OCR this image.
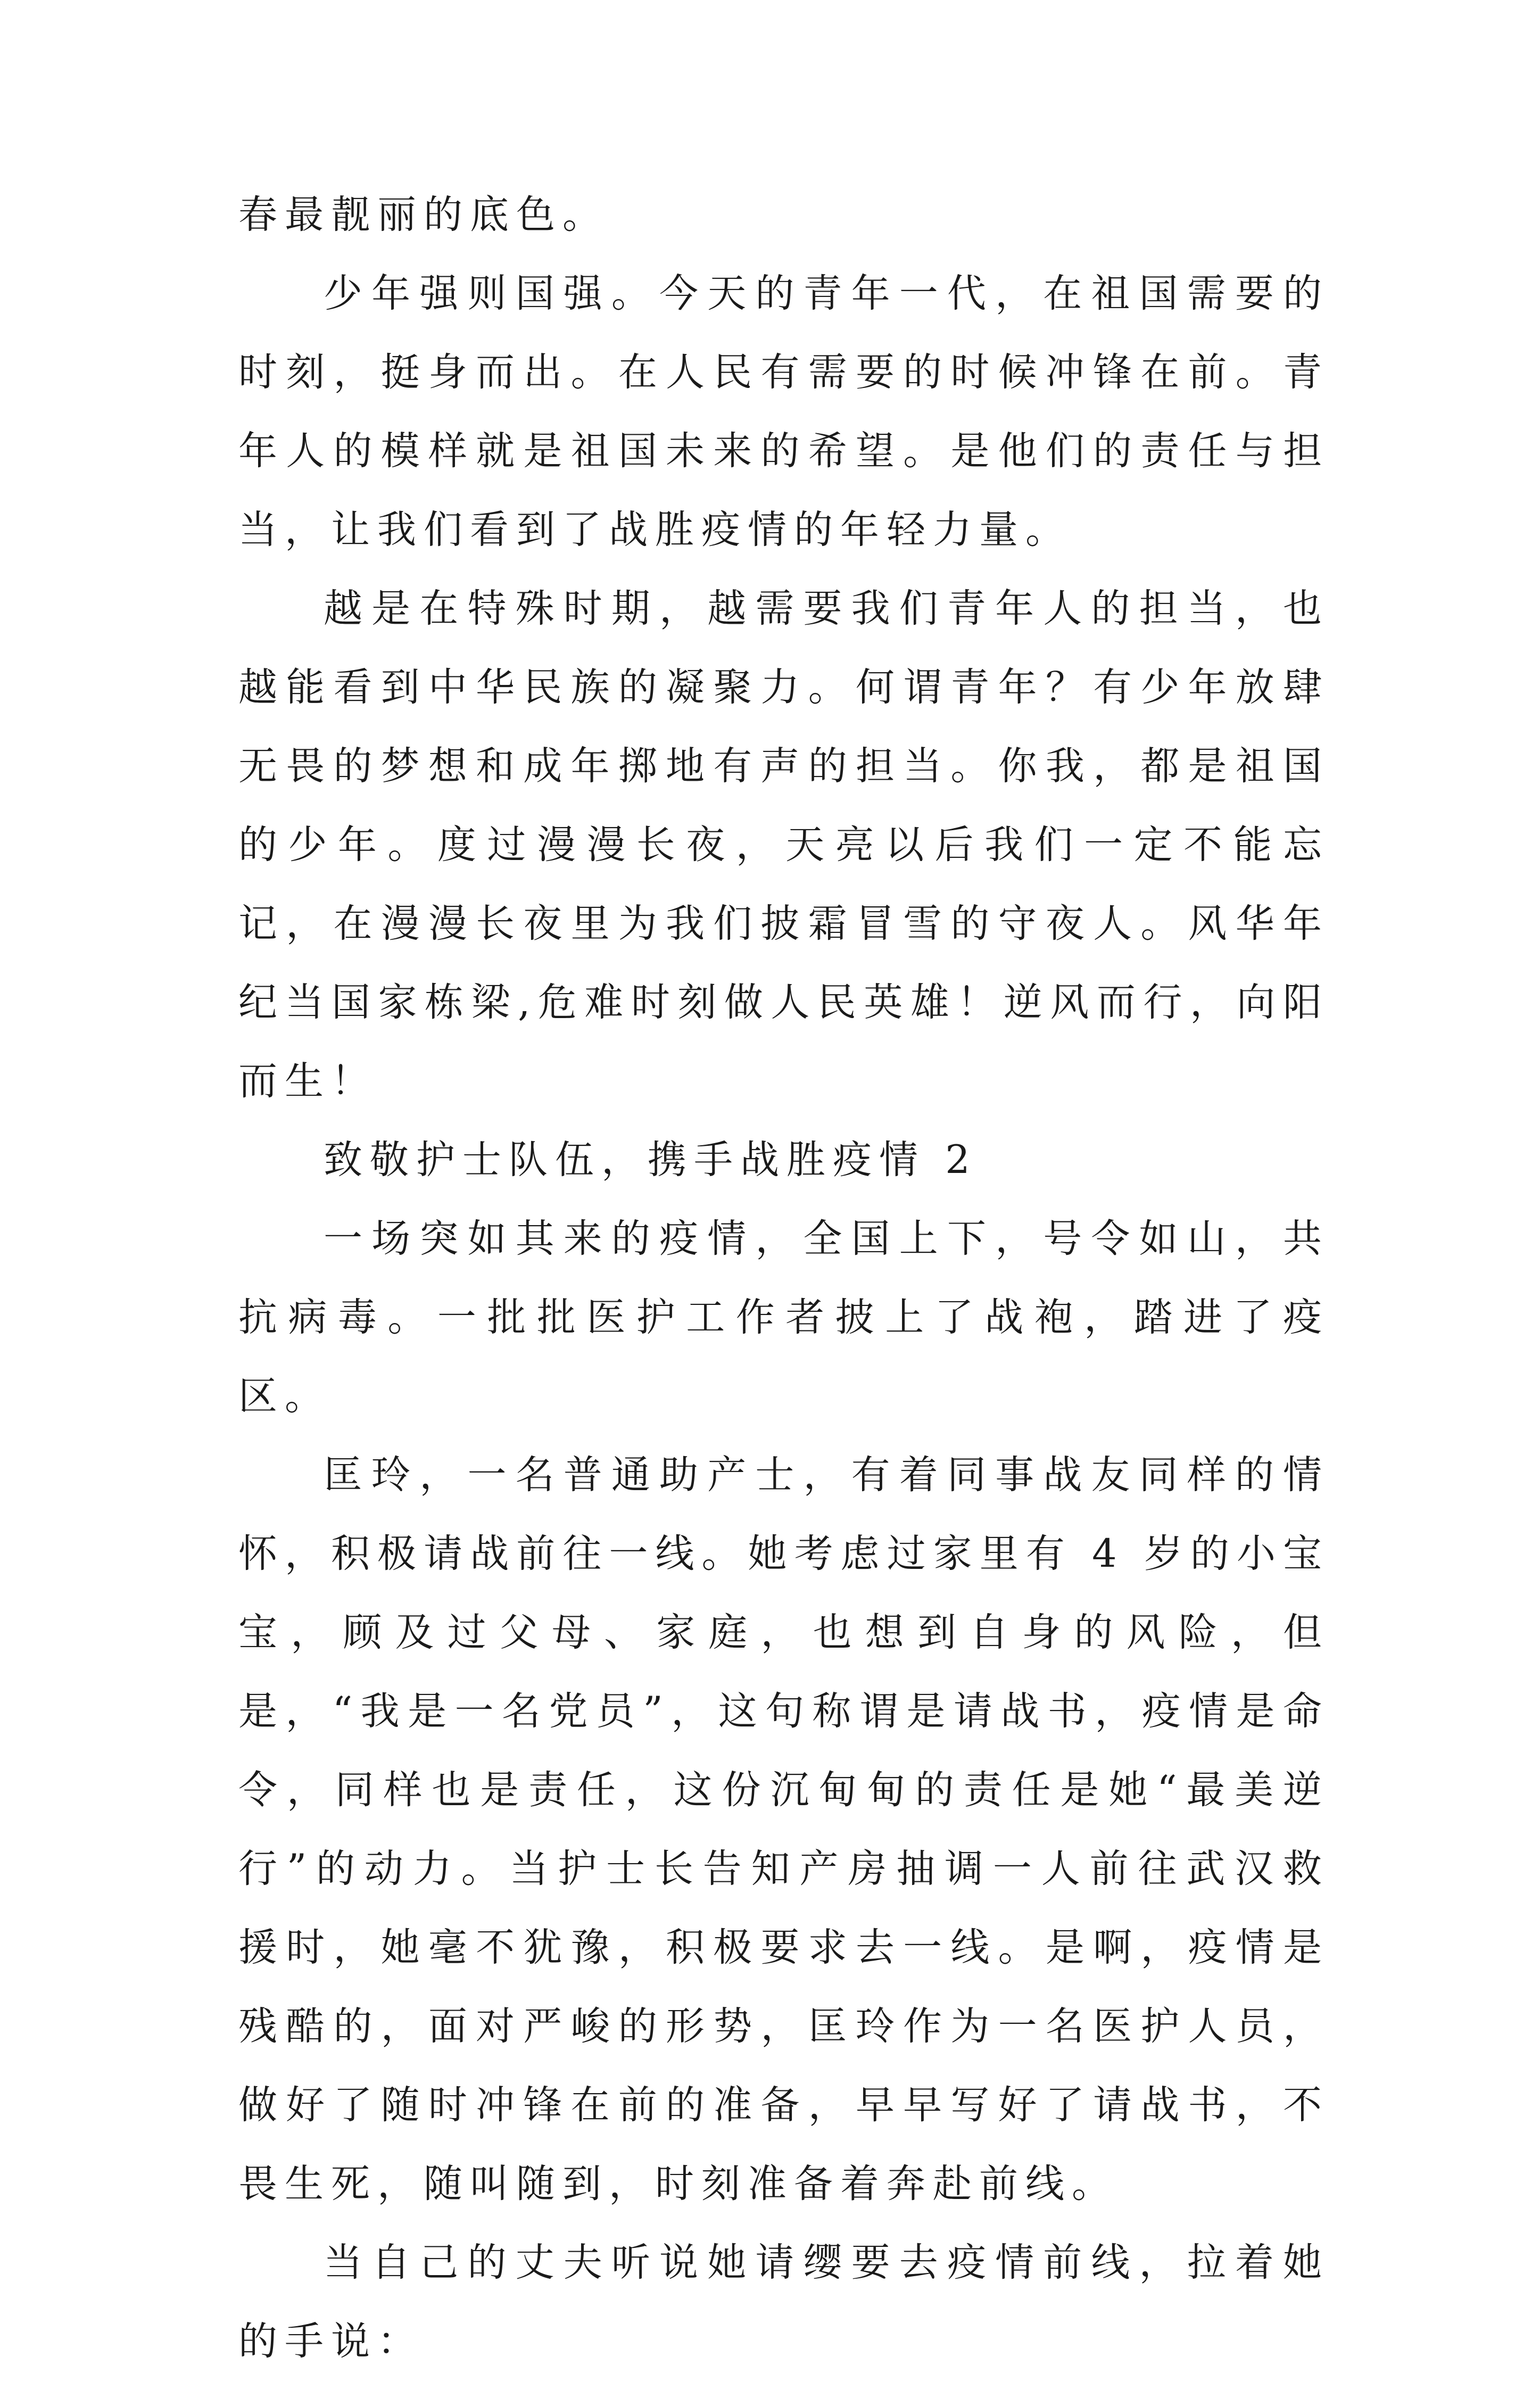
春最靓丽的底色。

少年强则国强。今天的青年一代，在祖国需要的时刻，挺身而出。在人民有需要的时候冲锋在前。青年人的模样就是祖国未来的希望。是他们的责任与担当，让我们看到了战胜疫情的年轻力量。

越是在特殊时期，越需要我们青年人的担当，也越能看到中华民族的凝聚力。何谓青年？有少年放肆无畏的梦想和成年掷地有声的担当。你我，都是祖国的少年。度过漫漫长夜，天亮以后我们一定不能忘记，在漫漫长夜里为我们披霜冒雪的守夜人。风华年纪当国家栋梁,危难时刻做人民英雄！逆风而行，向阳而生！

致敬护士队伍，携手战胜疫情 2

一场突如其来的疫情，全国上下，号令如山，共抗病毒。一批批医护工作者披上了战袍，踏进了疫区。

匡玲，一名普通助产士，有着同事战友同样的情怀，积极请战前往一线。她考虑过家里有 4 岁的小宝宝，顾及过父母、家庭，也想到自身的风险，但是，“我是一名党员”，这句称谓是请战书，疫情是命令，同样也是责任，这份沉甸甸的责任是她“最美逆行”的动力。当护士长告知产房抽调一人前往武汉救援时，她毫不犹豫，积极要求去一线。是啊，疫情是残酷的，面对严峻的形势，匡玲作为一名医护人员，做好了随时冲锋在前的准备，早早写好了请战书，不畏生死，随叫随到，时刻准备着奔赴前线。

当自己的丈夫听说她请缨要去疫情前线，拉着她的手说：
